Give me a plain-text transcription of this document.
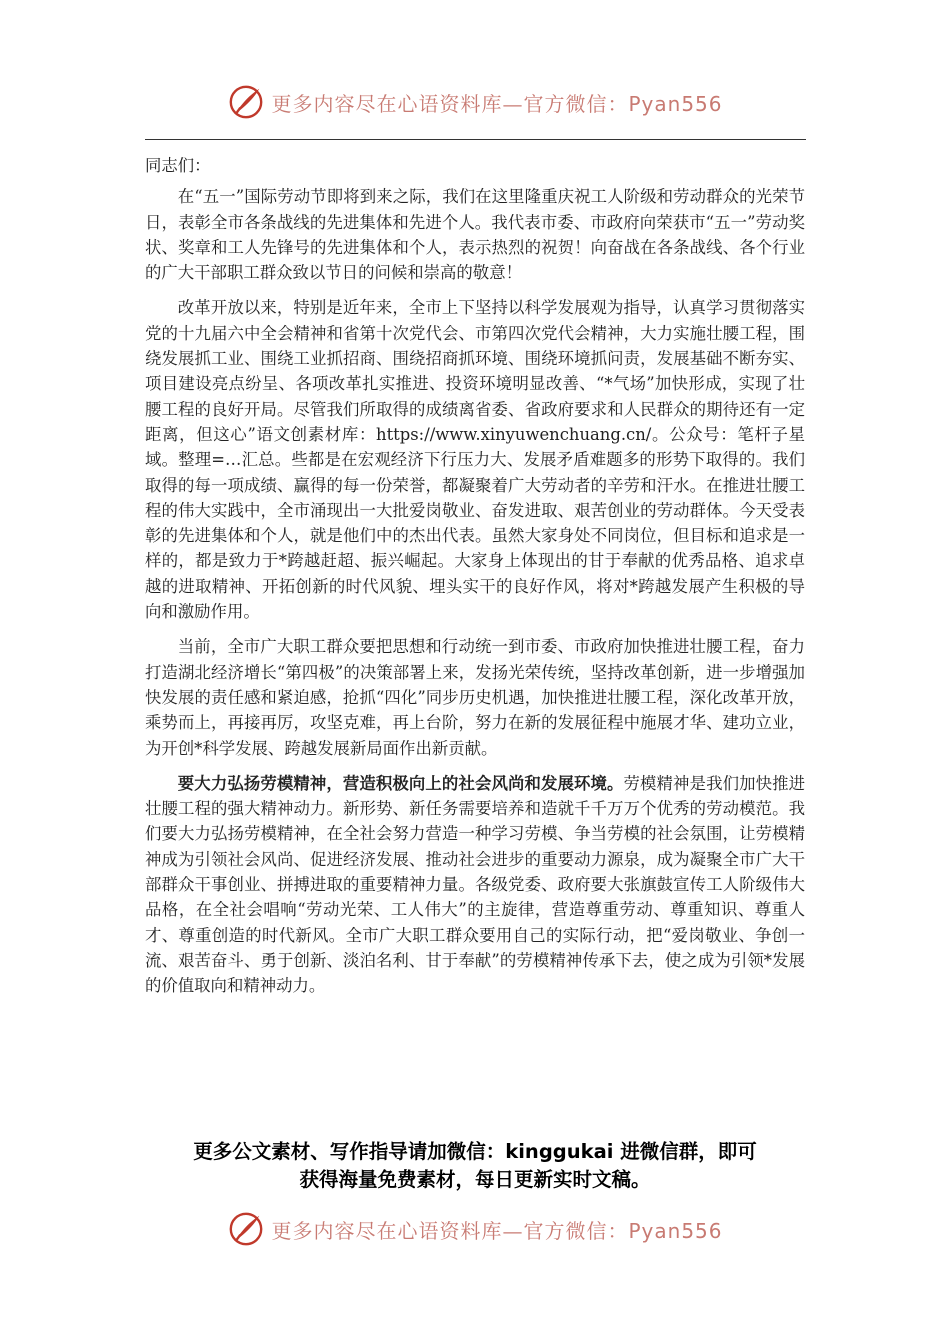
更多内容尽在心语资料库—官方微信：Pyan556

同志们：

在“五一”国际劳动节即将到来之际，我们在这里隆重庆祝工人阶级和劳动群众的光荣节日，表彰全市各条战线的先进集体和先进个人。我代表市委、市政府向荣获市“五一”劳动奖状、奖章和工人先锋号的先进集体和个人，表示热烈的祝贺！向奋战在各条战线、各个行业的广大干部职工群众致以节日的问候和崇高的敬意！

改革开放以来，特别是近年来，全市上下坚持以科学发展观为指导，认真学习贯彻落实党的十九届六中全会精神和省第十次党代会、市第四次党代会精神，大力实施壮腰工程，围绕发展抓工业、围绕工业抓招商、围绕招商抓环境、围绕环境抓问责，发展基础不断夯实、项目建设亮点纷呈、各项改革扎实推进、投资环境明显改善、“*气场”加快形成，实现了壮腰工程的良好开局。尽管我们所取得的成绩离省委、省政府要求和人民群众的期待还有一定距离，但这心”语文创素材库：https://www.xinyuwenchuang.cn/。公众号：笔杆子星域。整理=…汇总。些都是在宏观经济下行压力大、发展矛盾难题多的形势下取得的。我们取得的每一项成绩、赢得的每一份荣誉，都凝聚着广大劳动者的辛劳和汗水。在推进壮腰工程的伟大实践中，全市涌现出一大批爱岗敬业、奋发进取、艰苦创业的劳动群体。今天受表彰的先进集体和个人，就是他们中的杰出代表。虽然大家身处不同岗位，但目标和追求是一样的，都是致力于*跨越赶超、振兴崛起。大家身上体现出的甘于奉献的优秀品格、追求卓越的进取精神、开拓创新的时代风貌、埋头实干的良好作风，将对*跨越发展产生积极的导向和激励作用。

当前，全市广大职工群众要把思想和行动统一到市委、市政府加快推进壮腰工程，奋力打造湖北经济增长“第四极”的决策部署上来，发扬光荣传统，坚持改革创新，进一步增强加快发展的责任感和紧迫感，抢抓“四化”同步历史机遇，加快推进壮腰工程，深化改革开放，乘势而上，再接再厉，攻坚克难，再上台阶，努力在新的发展征程中施展才华、建功立业，为开创*科学发展、跨越发展新局面作出新贡献。

要大力弘扬劳模精神，营造积极向上的社会风尚和发展环境。劳模精神是我们加快推进壮腰工程的强大精神动力。新形势、新任务需要培养和造就千千万万个优秀的劳动模范。我们要大力弘扬劳模精神，在全社会努力营造一种学习劳模、争当劳模的社会氛围，让劳模精神成为引领社会风尚、促进经济发展、推动社会进步的重要动力源泉，成为凝聚全市广大干部群众干事创业、拼搏进取的重要精神力量。各级党委、政府要大张旗鼓宣传工人阶级伟大品格，在全社会唱响“劳动光荣、工人伟大”的主旋律，营造尊重劳动、尊重知识、尊重人才、尊重创造的时代新风。全市广大职工群众要用自己的实际行动，把“爱岗敬业、争创一流、艰苦奋斗、勇于创新、淡泊名利、甘于奉献”的劳模精神传承下去，使之成为引领*发展的价值取向和精神动力。

更多公文素材、写作指导请加微信：kinggukai 进微信群，即可
获得海量免费素材，每日更新实时文稿。
更多内容尽在心语资料库—官方微信：Pyan556
